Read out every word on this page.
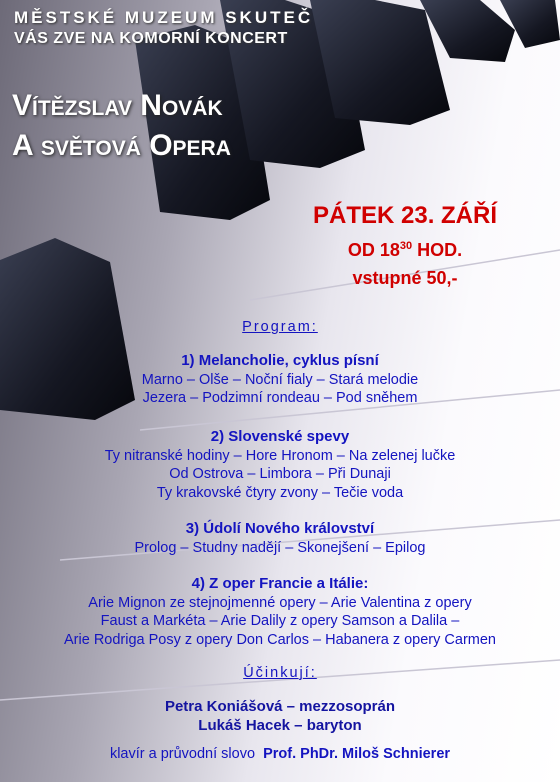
MĚSTSKÉ MUZEUM SKUTEČ
VÁS ZVE NA KOMORNÍ KONCERT
Vítězslav Novák
A světová Opera
PÁTEK 23. ZÁŘÍ
OD $18^{30}$ HOD.
vstupné 50,-
Program:
1) Melancholie, cyklus písní
Marno – Olše – Noční fialy – Stará melodie
Jezera – Podzimní rondeau – Pod sněhem
2) Slovenské spevy
Ty nitranské hodiny – Hore Hronom – Na zelenej lučke
Od Ostrova – Limbora – Při Dunaji
Ty krakovské čtyry zvony – Tečie voda
3) Údolí Nového království
Prolog – Studny nadějí – Skonejšení – Epilog
4) Z oper Francie a Itálie:
Arie Mignon ze stejnojmenné opery – Arie Valentina z opery
Faust a Markéta – Arie Dalily z opery Samson a Dalila –
Arie Rodriga Posy z opery Don Carlos – Habanera z opery Carmen
Účinkují:
Petra Koniášová – mezzosoprán
Lukáš Hacek – baryton
klavír a průvodní slovo Prof. PhDr. Miloš Schnierer
